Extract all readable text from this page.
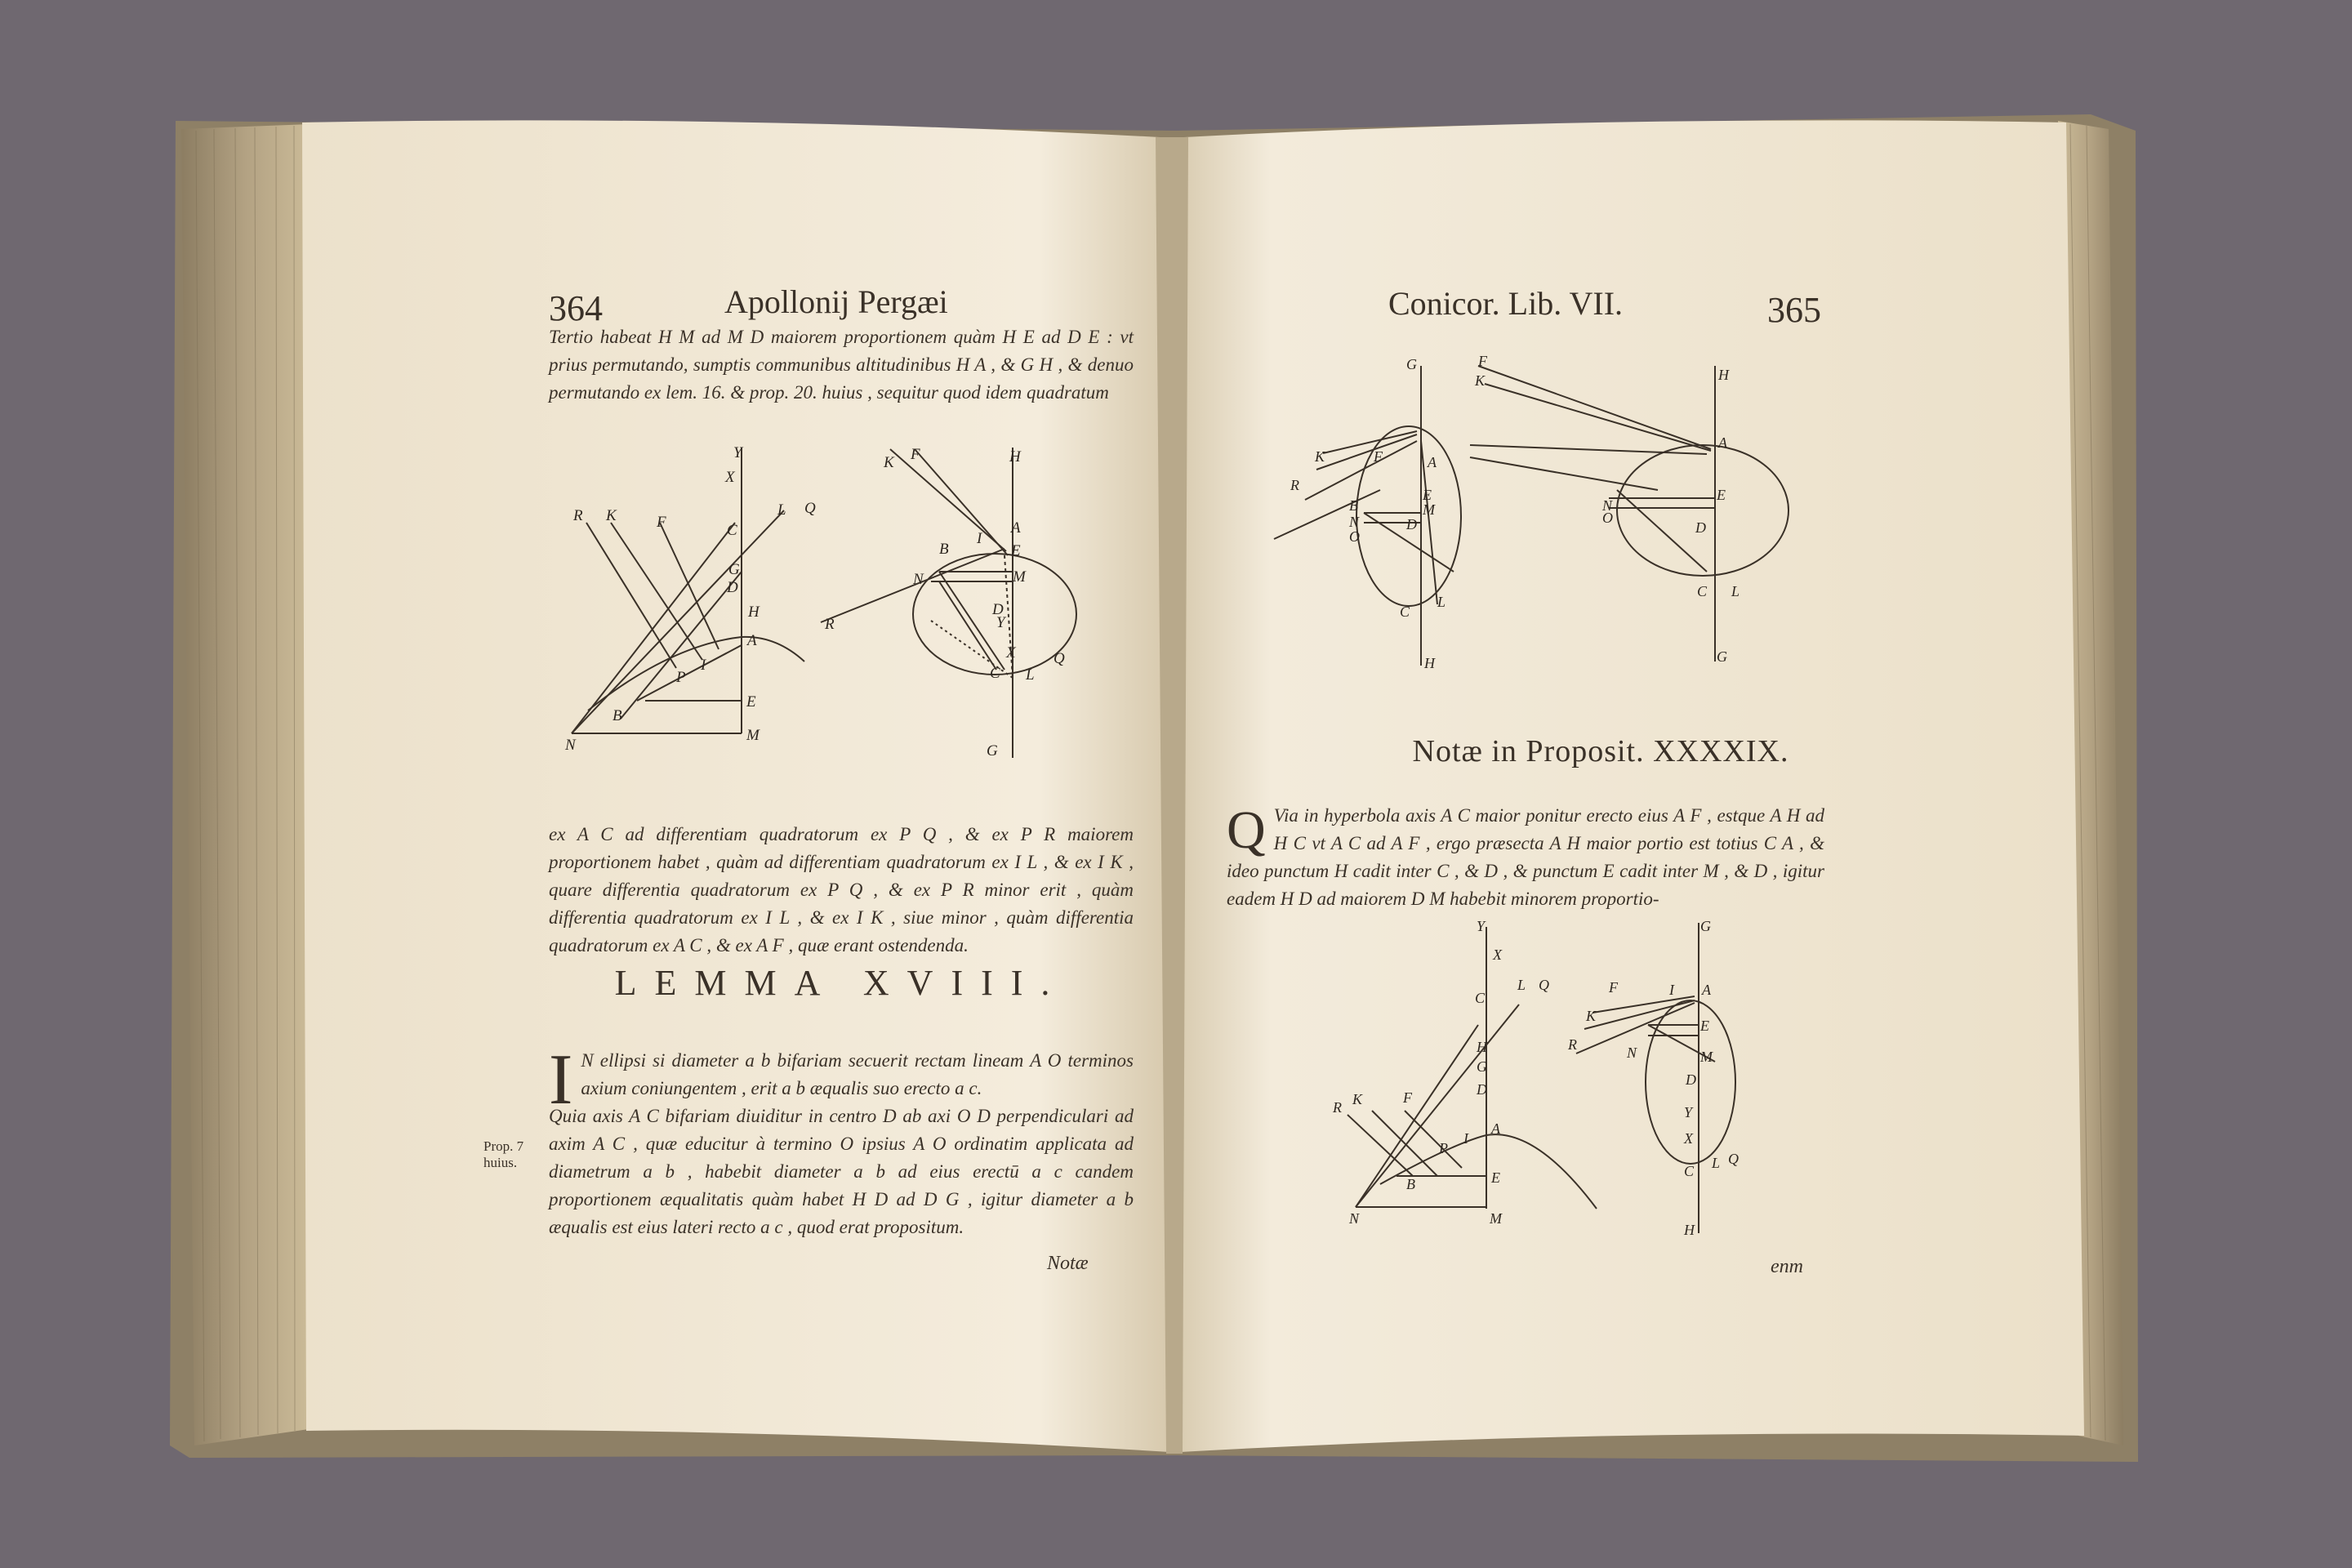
Y
X
R K	F	C
L Q
G
D
H
A
I
P
B
E
N
M
K F	H
R
B
I
A
E
N	M
D
Y
X
C L
Q
G
G
F
K
R
B
N
O
A
E
M
D
C
L
H
F
K	H
A
E
N
O
D
C L
G
Y
X
C
L Q
H
G
D
R K	F
A
I
P
B	E
N	M
G
F	I A
K
E
R	N	M
D
Y
X
C L Q
H
364	Apollonij Pergæi
Tertio habeat H M ad M D maiorem proportionem quàm H E ad D E : vt prius permutando, sumptis communibus altitudinibus H A , & G H , & denuo permutando ex lem. 16. & prop. 20. huius , sequitur quod idem quadratum
ex A C ad differentiam quadratorum ex P Q , & ex P R maiorem proportionem habet , quàm ad differentiam quadratorum ex I L , & ex I K , quare differentia quadratorum ex P Q , & ex P R minor erit , quàm differentia quadratorum ex I L , & ex I K , siue minor , quàm differentia quadratorum ex A C , & ex A F , quæ erant ostendenda.
LEMMA XVIII.
I N ellipsi si diameter a b bifariam secuerit rectam lineam A O terminos axium coniungentem , erit a b æqualis suo erecto a c.
Quia axis A C bifariam diuiditur in centro D ab axi O D perpendiculari ad axim A C , quæ educitur à termino O ipsius A O ordinatim applicata ad diametrum a b , habebit diameter a b ad eius erectū a c candem proportionem æqualitatis quàm habet H D ad D G , igitur diameter a b æqualis est eius lateri recto a c , quod erat propositum.
Prop. 7 huius.
Notæ
Conicor. Lib. VII.	365
Notæ in Proposit. XXXXIX.
Q Via in hyperbola axis A C maior ponitur erecto eius A F , estque A H ad H C vt A C ad A F , ergo præsecta A H maior portio est totius C A , & ideo punctum H cadit inter C , & D , & punctum E cadit inter M , & D , igitur eadem H D ad maiorem D M habebit minorem proportio-
enm
